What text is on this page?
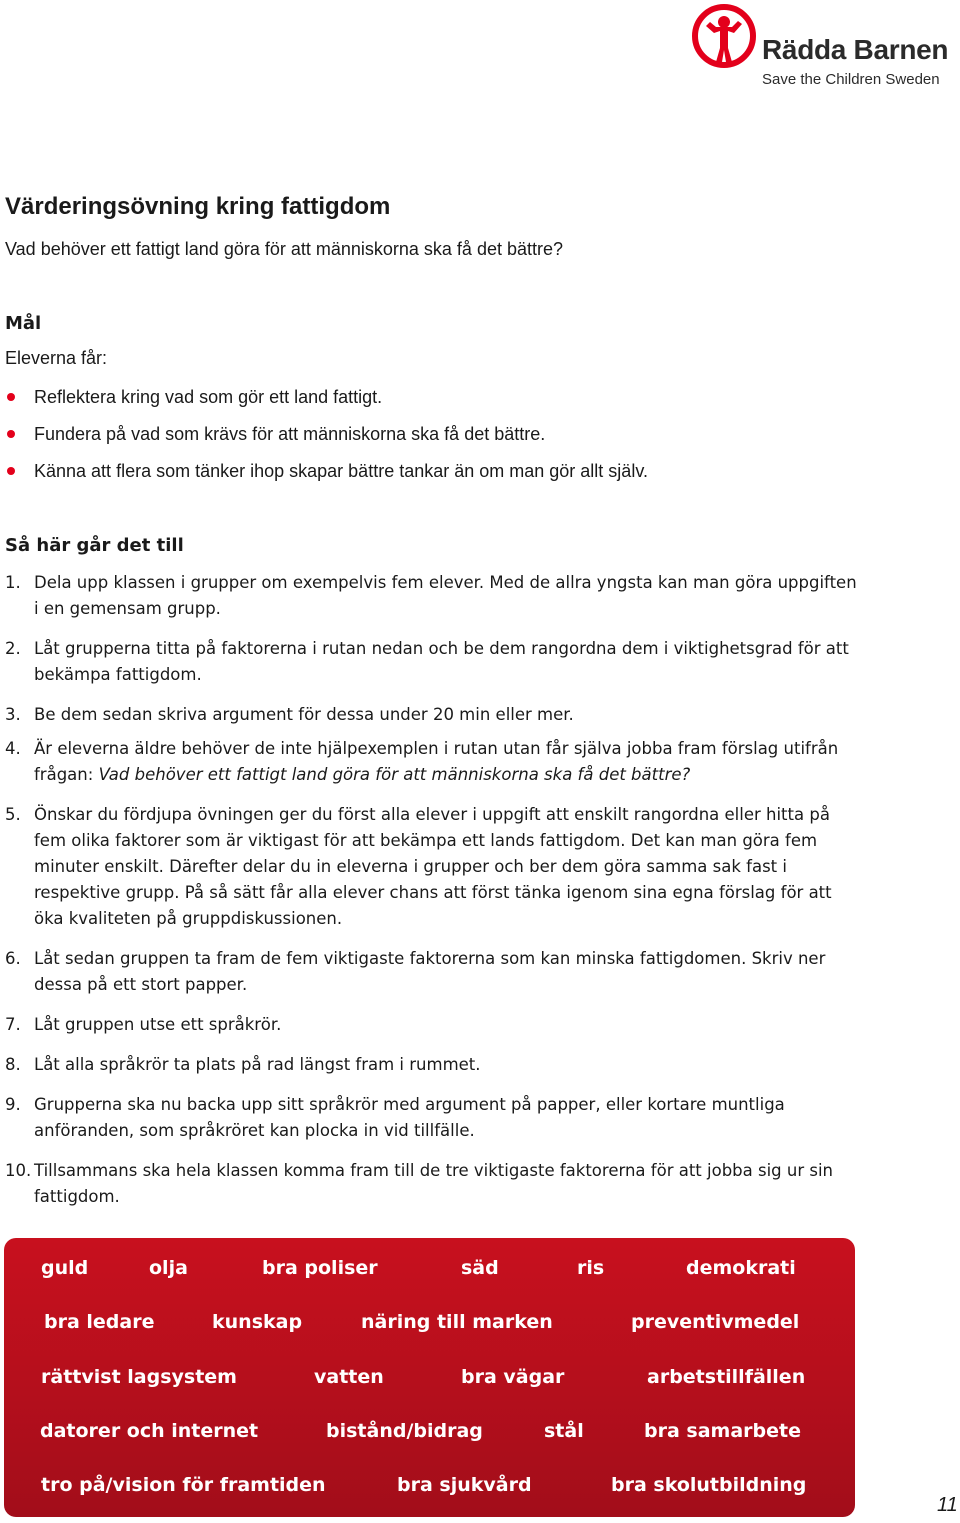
Rädda Barnen
Save the Children Sweden
Värderingsövning kring fattigdom
Vad behöver ett fattigt land göra för att människorna ska få det bättre?
Mål
Eleverna får:
Reflektera kring vad som gör ett land fattigt.
Fundera på vad som krävs för att människorna ska få det bättre.
Känna att flera som tänker ihop skapar bättre tankar än om man gör allt själv.
Så här går det till
1. Dela upp klassen i grupper om exempelvis fem elever. Med de allra yngsta kan man göra uppgiften i en gemensam grupp.
2. Låt grupperna titta på faktorerna i rutan nedan och be dem rangordna dem i viktighetsgrad för att bekämpa fattigdom.
3. Be dem sedan skriva argument för dessa under 20 min eller mer.
4. Är eleverna äldre behöver de inte hjälpexemplen i rutan utan får själva jobba fram förslag utifrån frågan: Vad behöver ett fattigt land göra för att människorna ska få det bättre?
5. Önskar du fördjupa övningen ger du först alla elever i uppgift att enskilt rangordna eller hitta på fem olika faktorer som är viktigast för att bekämpa ett lands fattigdom. Det kan man göra fem minuter enskilt. Därefter delar du in eleverna i grupper och ber dem göra samma sak fast i respektive grupp. På så sätt får alla elever chans att först tänka igenom sina egna förslag för att öka kvaliteten på gruppdiskussionen.
6. Låt sedan gruppen ta fram de fem viktigaste faktorerna som kan minska fattigdomen. Skriv ner dessa på ett stort papper.
7. Låt gruppen utse ett språkrör.
8. Låt alla språkrör ta plats på rad längst fram i rummet.
9. Grupperna ska nu backa upp sitt språkrör med argument på papper, eller kortare muntliga anföranden, som språkröret kan plocka in vid tillfälle.
10. Tillsammans ska hela klassen komma fram till de tre viktigaste faktorerna för att jobba sig ur sin fattigdom.
guld	olja	bra poliser	säd	ris	demokrati
bra ledare	kunskap	näring till marken	preventivmedel
rättvist lagsystem	vatten	bra vägar	arbetstillfällen
datorer och internet	bistånd/bidrag	stål	bra samarbete
tro på/vision för framtiden	bra sjukvård	bra skolutbildning
11
